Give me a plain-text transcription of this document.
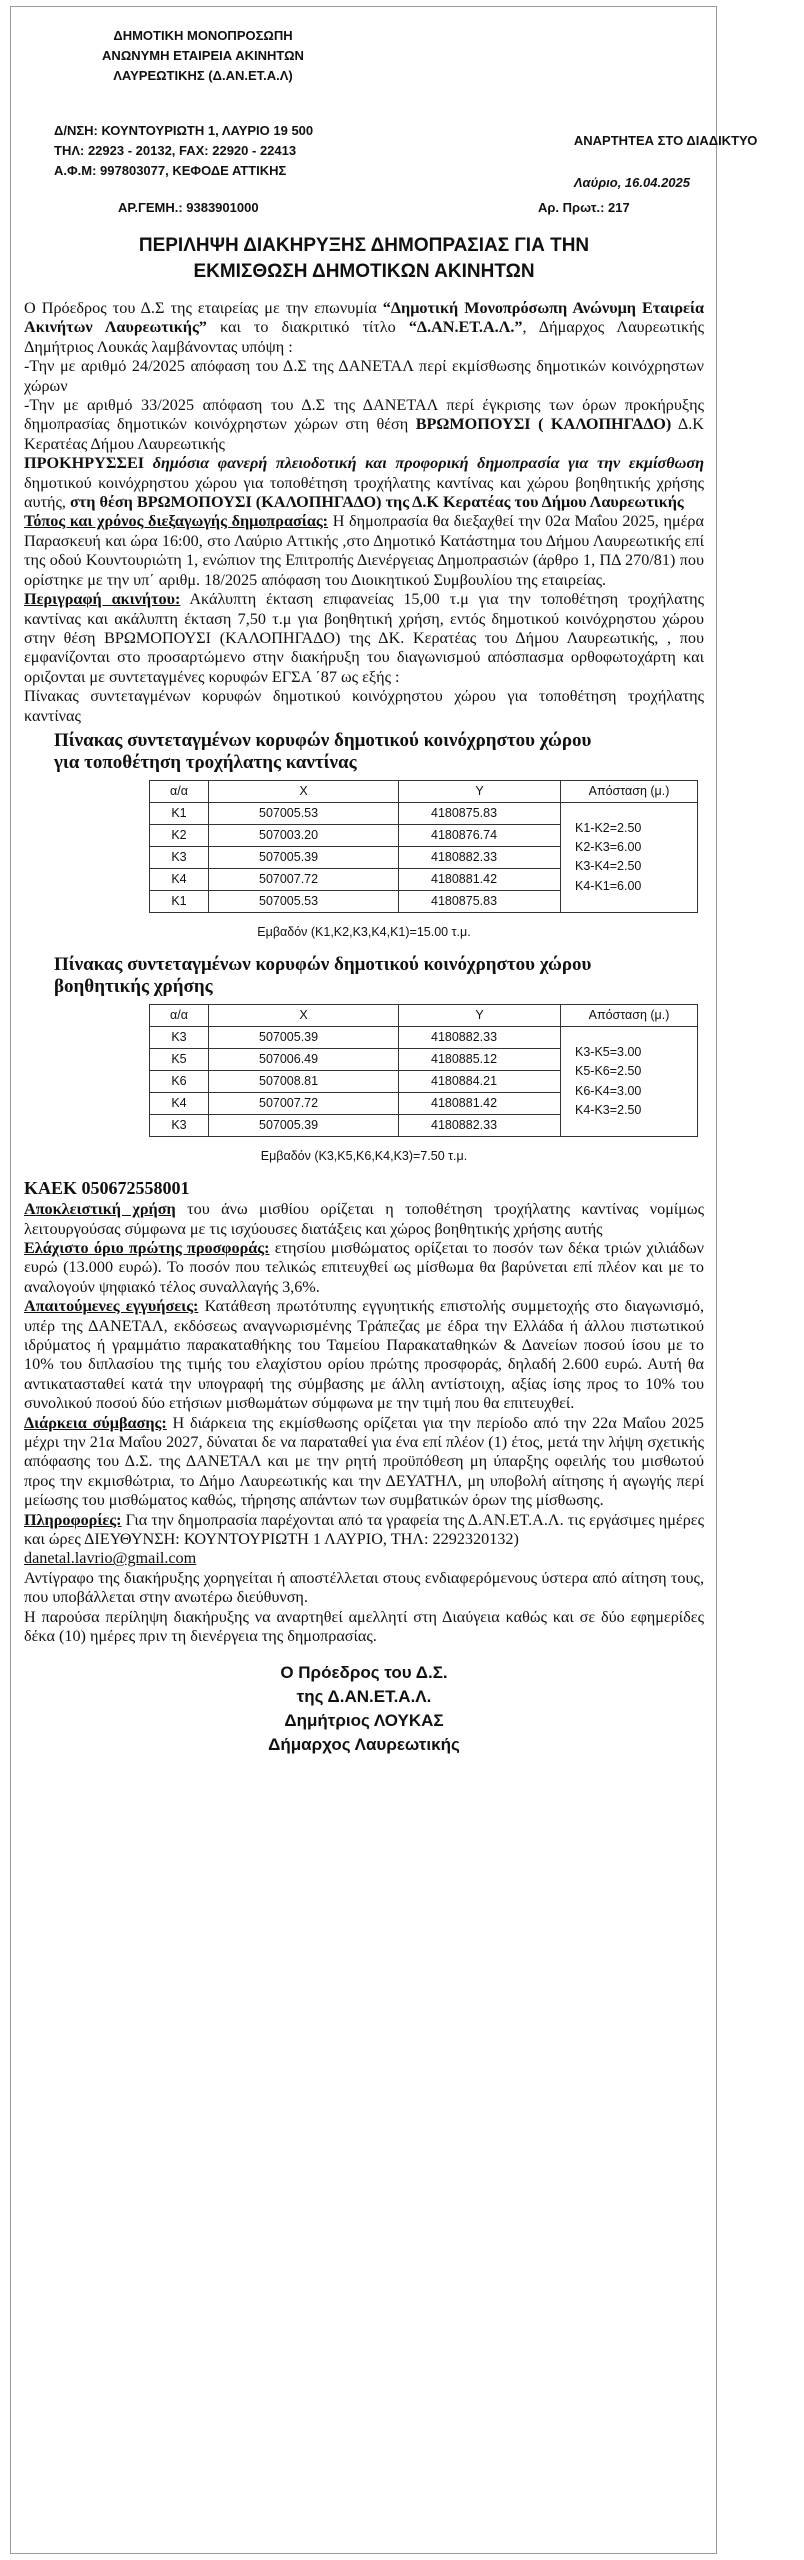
ΔΗΜΟΤΙΚΗ ΜΟΝΟΠΡΟΣΩΠΗ
ΑΝΩΝΥΜΗ ΕΤΑΙΡΕΙΑ ΑΚΙΝΗΤΩΝ
ΛΑΥΡΕΩΤΙΚΗΣ (Δ.ΑΝ.ΕΤ.Α.Λ)
Δ/ΝΣΗ: ΚΟΥΝΤΟΥΡΙΩΤΗ 1, ΛΑΥΡΙΟ 19 500
ΤΗΛ: 22923 - 20132, FAX: 22920 - 22413
Α.Φ.Μ: 997803077, ΚΕΦΟΔΕ ΑΤΤΙΚΗΣ
ΑΝΑΡΤΗΤΕΑ ΣΤΟ ΔΙΑΔΙΚΤΥΟ
Λαύριο, 16.04.2025
ΑΡ.ΓΕΜΗ.: 9383901000	Αρ. Πρωτ.: 217
ΠΕΡΙΛΗΨΗ ΔΙΑΚΗΡΥΞΗΣ ΔΗΜΟΠΡΑΣΙΑΣ ΓΙΑ ΤΗΝ
ΕΚΜΙΣΘΩΣΗ ΔΗΜΟΤΙΚΩΝ ΑΚΙΝΗΤΩΝ

Ο Πρόεδρος του Δ.Σ της εταιρείας με την επωνυμία “Δημοτική Μονοπρόσωπη Ανώνυμη Εταιρεία Ακινήτων Λαυρεωτικής” και το διακριτικό τίτλο “Δ.ΑΝ.ΕΤ.Α.Λ.”, Δήμαρχος Λαυρεωτικής Δημήτριος Λουκάς λαμβάνοντας υπόψη :

-Την με αριθμό 24/2025 απόφαση του Δ.Σ της ΔΑΝΕΤΑΛ περί εκμίσθωσης δημοτικών κοινόχρηστων χώρων

-Την με αριθμό 33/2025 απόφαση του Δ.Σ της ΔΑΝΕΤΑΛ περί έγκρισης των όρων προκήρυξης δημοπρασίας δημοτικών κοινόχρηστων χώρων στη θέση ΒΡΩΜΟΠΟΥΣΙ ( ΚΑΛΟΠΗΓΑΔΟ) Δ.Κ Κερατέας Δήμου Λαυρεωτικής

ΠΡΟΚΗΡΥΣΣΕΙ δημόσια φανερή πλειοδοτική και προφορική δημοπρασία για την εκμίσθωση δημοτικού κοινόχρηστου χώρου για τοποθέτηση τροχήλατης καντίνας και χώρου βοηθητικής χρήσης αυτής, στη θέση ΒΡΩΜΟΠΟΥΣΙ (ΚΑΛΟΠΗΓΑΔΟ) της Δ.Κ Κερατέας του Δήμου Λαυρεωτικής

Τόπος και χρόνος διεξαγωγής δημοπρασίας: Η δημοπρασία θα διεξαχθεί την 02α Μαΐου 2025, ημέρα Παρασκευή και ώρα 16:00, στο Λαύριο Αττικής ,στο Δημοτικό Κατάστημα του Δήμου Λαυρεωτικής επί της οδού Κουντουριώτη 1, ενώπιον της Επιτροπής Διενέργειας Δημοπρασιών (άρθρο 1, ΠΔ 270/81) που ορίστηκε με την υπ΄ αριθμ. 18/2025 απόφαση του Διοικητικού Συμβουλίου της εταιρείας.

Περιγραφή ακινήτου: Ακάλυπτη έκταση επιφανείας 15,00 τ.μ για την τοποθέτηση τροχήλατης καντίνας και ακάλυπτη έκταση 7,50 τ.μ για βοηθητική χρήση, εντός δημοτικού κοινόχρηστου χώρου στην θέση ΒΡΩΜΟΠΟΥΣΙ (ΚΑΛΟΠΗΓΑΔΟ) της ΔΚ. Κερατέας του Δήμου Λαυρεωτικής, , που εμφανίζονται στο προσαρτώμενο στην διακήρυξη του διαγωνισμού απόσπασμα ορθοφωτοχάρτη και οριζονται με συντεταγμένες κορυφών ΕΓΣΑ ΄87 ως εξής :

Πίνακας συντεταγμένων κορυφών δημοτικού κοινόχρηστου χώρου για τοποθέτηση τροχήλατης καντίνας

Πίνακας συντεταγμένων κορυφών δημοτικού κοινόχρηστου χώρου
για τοποθέτηση τροχήλατης καντίνας
α/α	X	Y	Απόσταση (μ.)
K1	507005.53	4180875.83	K1-K2=2.50
K2-K3=6.00
K3-K4=2.50
K4-K1=6.00

K2	507003.20	4180876.74	
K3	507005.39	4180882.33	
K4	507007.72	4180881.42	
K1	507005.53	4180875.83	
Εμβαδόν (Κ1,Κ2,Κ3,Κ4,Κ1)=15.00 τ.μ.
Πίνακας συντεταγμένων κορυφών δημοτικού κοινόχρηστου χώρου
βοηθητικής χρήσης
α/α	X	Y	Απόσταση (μ.)
K3	507005.39	4180882.33	K3-K5=3.00
K5-K6=2.50
K6-K4=3.00
K4-K3=2.50

K5	507006.49	4180885.12	
K6	507008.81	4180884.21	
K4	507007.72	4180881.42	
K3	507005.39	4180882.33	
Εμβαδόν (Κ3,Κ5,Κ6,Κ4,Κ3)=7.50 τ.μ.
ΚΑΕΚ 050672558001

Αποκλειστική χρήση του άνω μισθίου ορίζεται η τοποθέτηση τροχήλατης καντίνας νομίμως λειτουργούσας σύμφωνα με τις ισχύουσες διατάξεις και χώρος βοηθητικής χρήσης αυτής

Ελάχιστο όριο πρώτης προσφοράς: ετησίου μισθώματος ορίζεται το ποσόν των δέκα τριών χιλιάδων ευρώ (13.000 ευρώ). Το ποσόν που τελικώς επιτευχθεί ως μίσθωμα θα βαρύνεται επί πλέον και με το αναλογούν ψηφιακό τέλος συναλλαγής 3,6%.

Απαιτούμενες εγγυήσεις: Κατάθεση πρωτότυπης εγγυητικής επιστολής συμμετοχής στο διαγωνισμό, υπέρ της ΔΑΝΕΤΑΛ, εκδόσεως αναγνωρισμένης Τράπεζας με έδρα την Ελλάδα ή άλλου πιστωτικού ιδρύματος ή γραμμάτιο παρακαταθήκης του Ταμείου Παρακαταθηκών & Δανείων ποσού ίσου με το 10% του διπλασίου της τιμής του ελαχίστου ορίου πρώτης προσφοράς, δηλαδή 2.600 ευρώ. Αυτή θα αντικατασταθεί κατά την υπογραφή της σύμβασης με άλλη αντίστοιχη, αξίας ίσης προς το 10% του συνολικού ποσού δύο ετήσιων μισθωμάτων σύμφωνα με την τιμή που θα επιτευχθεί.

Διάρκεια σύμβασης: Η διάρκεια της εκμίσθωσης ορίζεται για την περίοδο από την 22α Μαΐου 2025 μέχρι την 21α Μαΐου 2027, δύναται δε να παραταθεί για ένα επί πλέον (1) έτος, μετά την λήψη σχετικής απόφασης του Δ.Σ. της ΔΑΝΕΤΑΛ και με την ρητή προϋπόθεση μη ύπαρξης οφειλής του μισθωτού προς την εκμισθώτρια, το Δήμο Λαυρεωτικής και την ΔΕΥΑΤΗΛ, μη υποβολή αίτησης ή αγωγής περί μείωσης του μισθώματος καθώς, τήρησης απάντων των συμβατικών όρων της μίσθωσης.

Πληροφορίες: Για την δημοπρασία παρέχονται από τα γραφεία της Δ.ΑΝ.ΕΤ.Α.Λ. τις εργάσιμες ημέρες και ώρες ΔΙΕΥΘΥΝΣΗ: ΚΟΥΝΤΟΥΡΙΩΤΗ 1 ΛΑΥΡΙΟ, ΤΗΛ: 2292320132)

danetal.lavrio@gmail.com

Αντίγραφο της διακήρυξης χορηγείται ή αποστέλλεται στους ενδιαφερόμενους ύστερα από αίτηση τους, που υποβάλλεται στην ανωτέρω διεύθυνση.

Η παρούσα περίληψη διακήρυξης να αναρτηθεί αμελλητί στη Διαύγεια καθώς και σε δύο εφημερίδες δέκα (10) ημέρες πριν τη διενέργεια της δημοπρασίας.

Ο Πρόεδρος του Δ.Σ.
της Δ.ΑΝ.ΕΤ.Α.Λ.
Δημήτριος ΛΟΥΚΑΣ
Δήμαρχος Λαυρεωτικής
